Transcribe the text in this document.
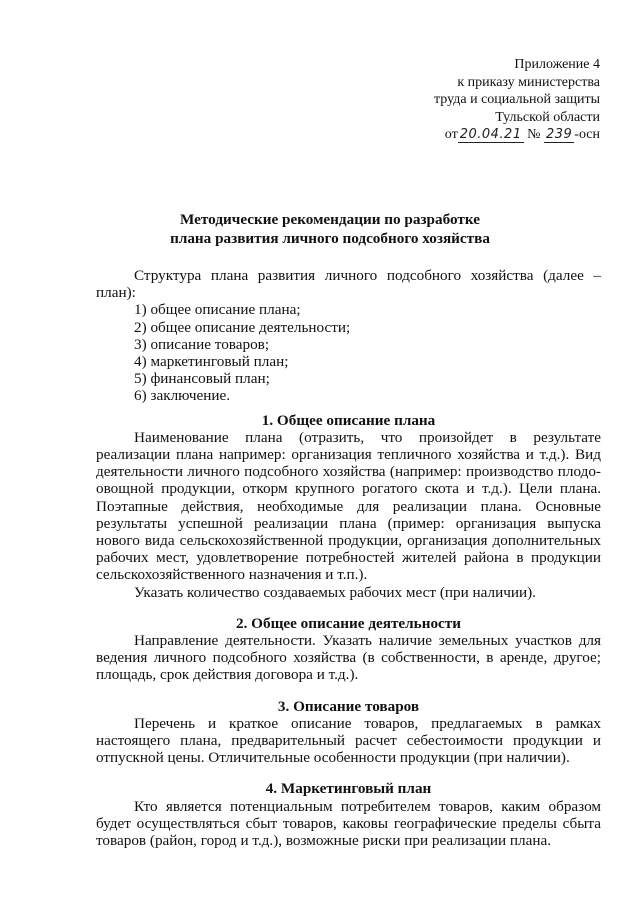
Приложение 4
к приказу министерства
труда и социальной защиты
Тульской области
от 20.04.21 № 239 -осн
Методические рекомендации по разработке
плана развития личного подсобного хозяйства

Структура плана развития личного подсобного хозяйства (далее – план):

1) общее описание плана;
2) общее описание деятельности;
3) описание товаров;
4) маркетинговый план;
5) финансовый план;
6) заключение.

1. Общее описание плана

Наименование плана (отразить, что произойдет в результате реализации плана например: организация тепличного хозяйства и т.д.). Вид деятельности личного подсобного хозяйства (например: производство плодо-овощной продукции, откорм крупного рогатого скота и т.д.). Цели плана. Поэтапные действия, необходимые для реализации плана. Основные результаты успешной реализации плана (пример: организация выпуска нового вида сельскохозяйственной продукции, организация дополнительных рабочих мест, удовлетворение потребностей жителей района в продукции сельскохозяйственного назначения и т.п.).

Указать количество создаваемых рабочих мест (при наличии).

2. Общее описание деятельности

Направление деятельности. Указать наличие земельных участков для ведения личного подсобного хозяйства (в собственности, в аренде, другое; площадь, срок действия договора и т.д.).

3. Описание товаров

Перечень и краткое описание товаров, предлагаемых в рамках настоящего плана, предварительный расчет себестоимости продукции и отпускной цены. Отличительные особенности продукции (при наличии).

4. Маркетинговый план

Кто является потенциальным потребителем товаров, каким образом будет осуществляться сбыт товаров, каковы географические пределы сбыта товаров (район, город и т.д.), возможные риски при реализации плана.
